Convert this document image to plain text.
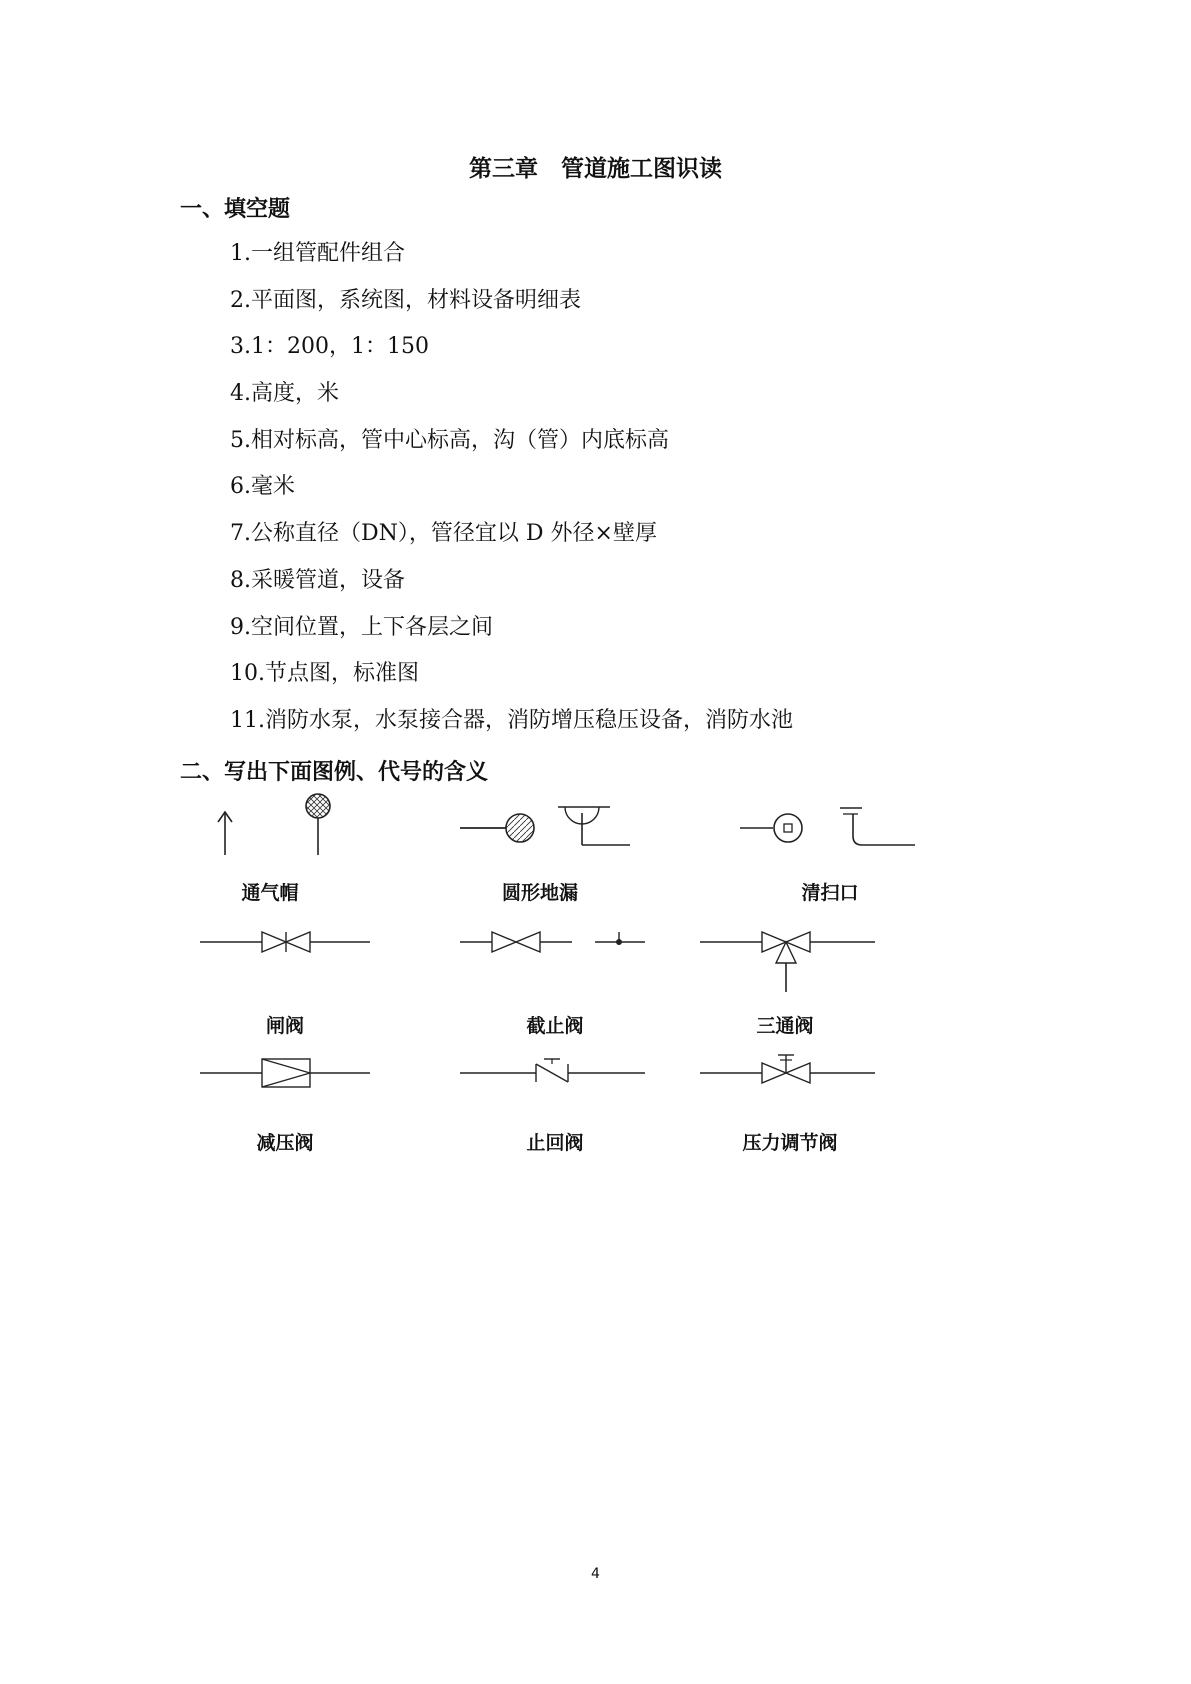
第三章　管道施工图识读
一、填空题
1.一组管配件组合
2.平面图，系统图，材料设备明细表
3.1：200，1：150
4.高度，米
5.相对标高，管中心标高，沟（管）内底标高
6.毫米
7.公称直径（DN），管径宜以 D 外径×壁厚
8.采暖管道，设备
9.空间位置，上下各层之间
10.节点图，标准图
11.消防水泵，水泵接合器，消防增压稳压设备，消防水池
二、写出下面图例、代号的含义
通气帽	圆形地漏	清扫口
闸阀	截止阀	三通阀
减压阀	止回阀	压力调节阀
4
